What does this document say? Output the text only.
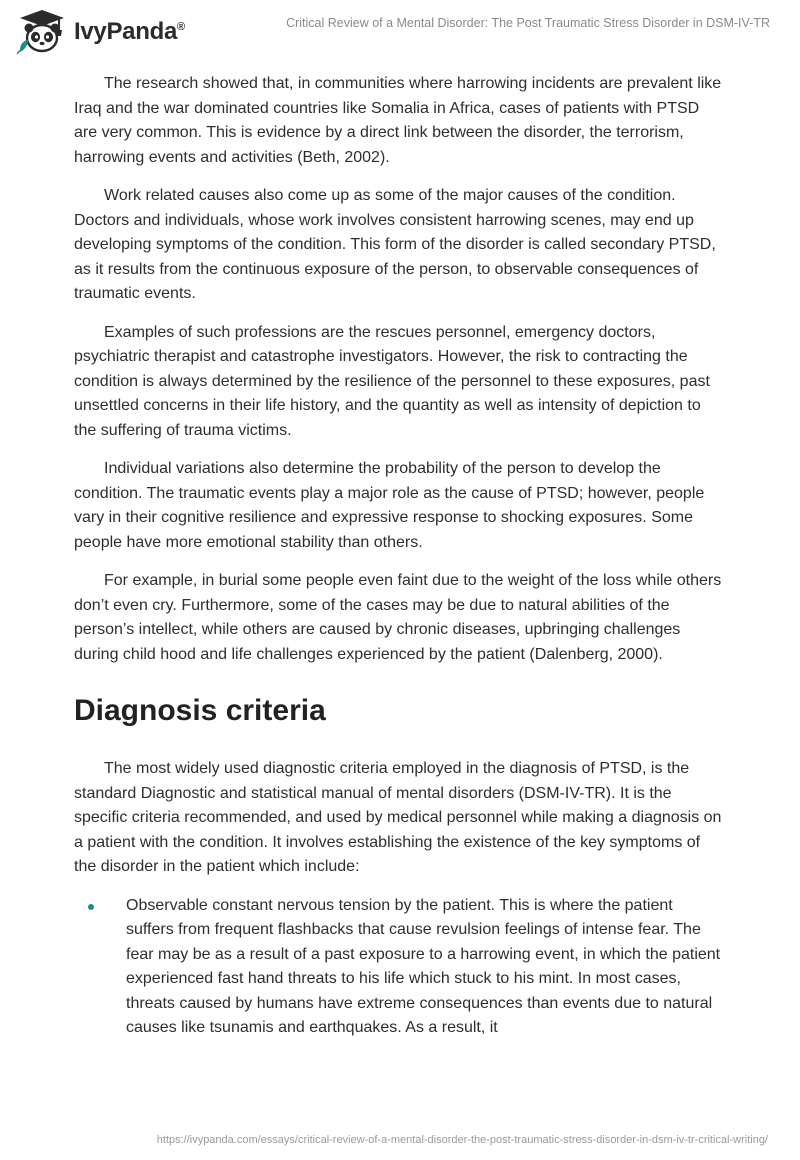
IvyPanda®	Critical Review of a Mental Disorder: The Post Traumatic Stress Disorder in DSM-IV-TR

The research showed that, in communities where harrowing incidents are prevalent like Iraq and the war dominated countries like Somalia in Africa, cases of patients with PTSD are very common. This is evidence by a direct link between the disorder, the terrorism, harrowing events and activities (Beth, 2002).

Work related causes also come up as some of the major causes of the condition. Doctors and individuals, whose work involves consistent harrowing scenes, may end up developing symptoms of the condition. This form of the disorder is called secondary PTSD, as it results from the continuous exposure of the person, to observable consequences of traumatic events.

Examples of such professions are the rescues personnel, emergency doctors, psychiatric therapist and catastrophe investigators. However, the risk to contracting the condition is always determined by the resilience of the personnel to these exposures, past unsettled concerns in their life history, and the quantity as well as intensity of depiction to the suffering of trauma victims.

Individual variations also determine the probability of the person to develop the condition. The traumatic events play a major role as the cause of PTSD; however, people vary in their cognitive resilience and expressive response to shocking exposures. Some people have more emotional stability than others.

For example, in burial some people even faint due to the weight of the loss while others don’t even cry. Furthermore, some of the cases may be due to natural abilities of the person’s intellect, while others are caused by chronic diseases, upbringing challenges during child hood and life challenges experienced by the patient (Dalenberg, 2000).

Diagnosis criteria

The most widely used diagnostic criteria employed in the diagnosis of PTSD, is the standard Diagnostic and statistical manual of mental disorders (DSM-IV-TR). It is the specific criteria recommended, and used by medical personnel while making a diagnosis on a patient with the condition. It involves establishing the existence of the key symptoms of the disorder in the patient which include:

Observable constant nervous tension by the patient. This is where the patient suffers from frequent flashbacks that cause revulsion feelings of intense fear. The fear may be as a result of a past exposure to a harrowing event, in which the patient experienced fast hand threats to his life which stuck to his mint. In most cases, threats caused by humans have extreme consequences than events due to natural causes like tsunamis and earthquakes. As a result, it
https://ivypanda.com/essays/critical-review-of-a-mental-disorder-the-post-traumatic-stress-disorder-in-dsm-iv-tr-critical-writing/
